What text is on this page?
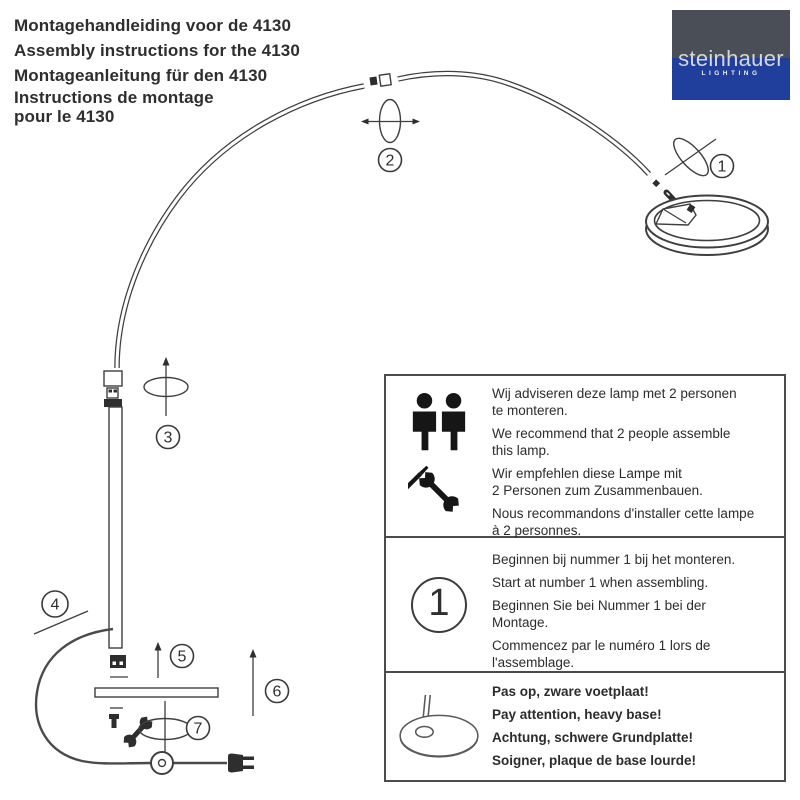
2
3
4
5
6
7
1
Montagehandleiding voor de 4130
Assembly instructions for the 4130
Montageanleitung für den 4130
Instructions de montage
pour le 4130
steinhauer
LIGHTING
Wij adviseren deze lamp met 2 personen
te monteren.
We recommend that 2 people assemble
this lamp.
Wir empfehlen diese Lampe mit
2 Personen zum Zusammenbauen.
Nous recommandons d'installer cette lampe
à 2 personnes.
1
Beginnen bij nummer 1 bij het monteren.
Start at number 1 when assembling.
Beginnen Sie bei Nummer 1 bei der
Montage.
Commencez par le numéro 1 lors de
l'assemblage.
Pas op, zware voetplaat!
Pay attention, heavy base!
Achtung, schwere Grundplatte!
Soigner, plaque de base lourde!
